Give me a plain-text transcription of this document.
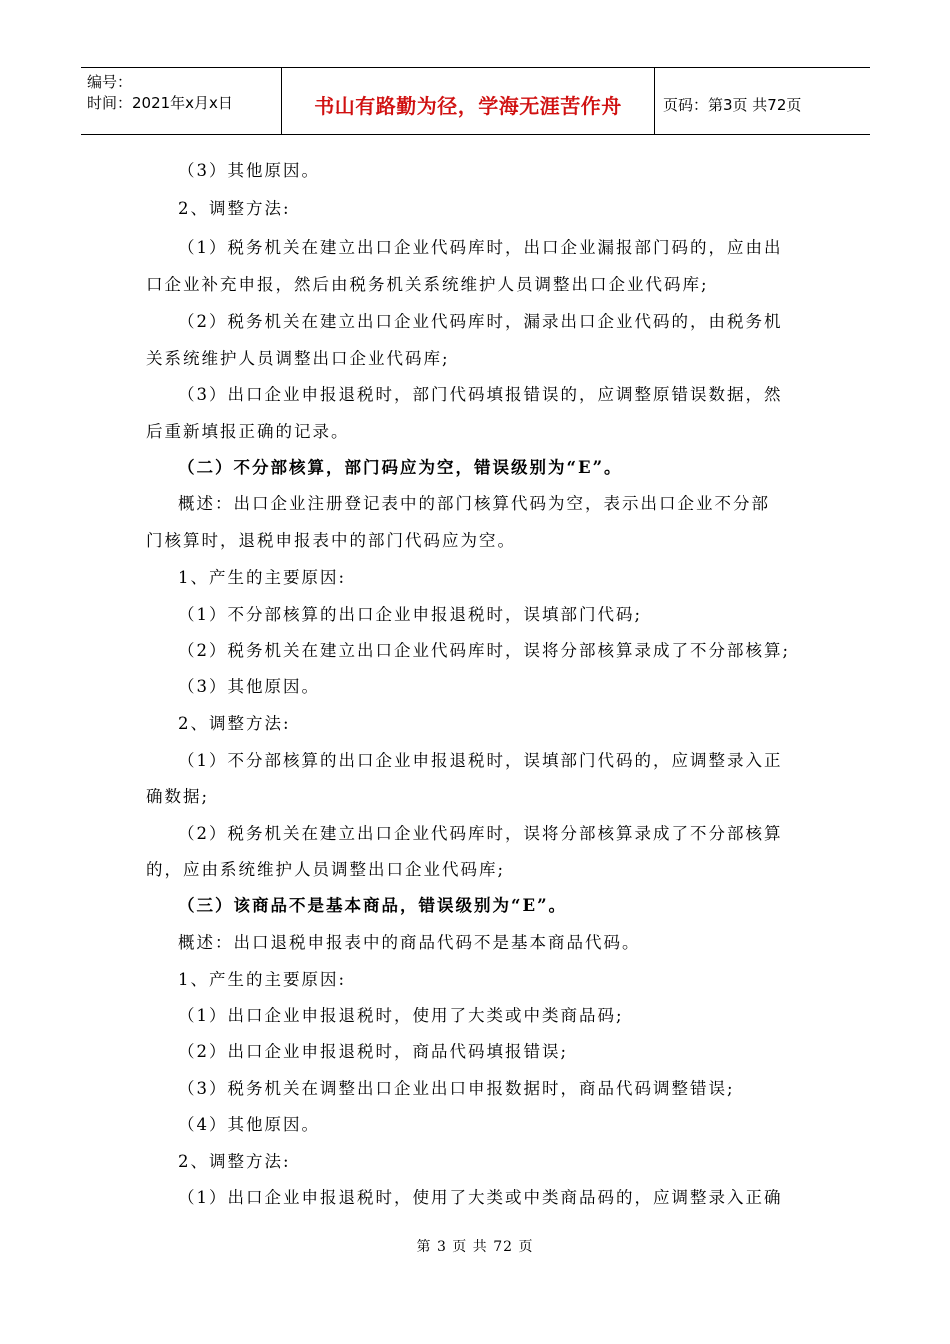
编号：
时间：2021年x月x日	书山有路勤为径，学海无涯苦作舟	页码：第3页 共72页
（3）其他原因。
2、调整方法:
（1）税务机关在建立出口企业代码库时，出口企业漏报部门码的，应由出
口企业补充申报，然后由税务机关系统维护人员调整出口企业代码库;
（2）税务机关在建立出口企业代码库时，漏录出口企业代码的，由税务机
关系统维护人员调整出口企业代码库;
（3）出口企业申报退税时，部门代码填报错误的，应调整原错误数据，然
后重新填报正确的记录。
（二）不分部核算，部门码应为空，错误级别为“E”。
概述：出口企业注册登记表中的部门核算代码为空，表示出口企业不分部
门核算时，退税申报表中的部门代码应为空。
1、产生的主要原因:
（1）不分部核算的出口企业申报退税时，误填部门代码;
（2）税务机关在建立出口企业代码库时，误将分部核算录成了不分部核算;
（3）其他原因。
2、调整方法:
（1）不分部核算的出口企业申报退税时，误填部门代码的，应调整录入正
确数据;
（2）税务机关在建立出口企业代码库时，误将分部核算录成了不分部核算
的，应由系统维护人员调整出口企业代码库;
（三）该商品不是基本商品，错误级别为“E”。
概述：出口退税申报表中的商品代码不是基本商品代码。
1、产生的主要原因:
（1）出口企业申报退税时，使用了大类或中类商品码;
（2）出口企业申报退税时，商品代码填报错误;
（3）税务机关在调整出口企业出口申报数据时，商品代码调整错误;
（4）其他原因。
2、调整方法:
（1）出口企业申报退税时，使用了大类或中类商品码的，应调整录入正确
第 3 页 共 72 页
